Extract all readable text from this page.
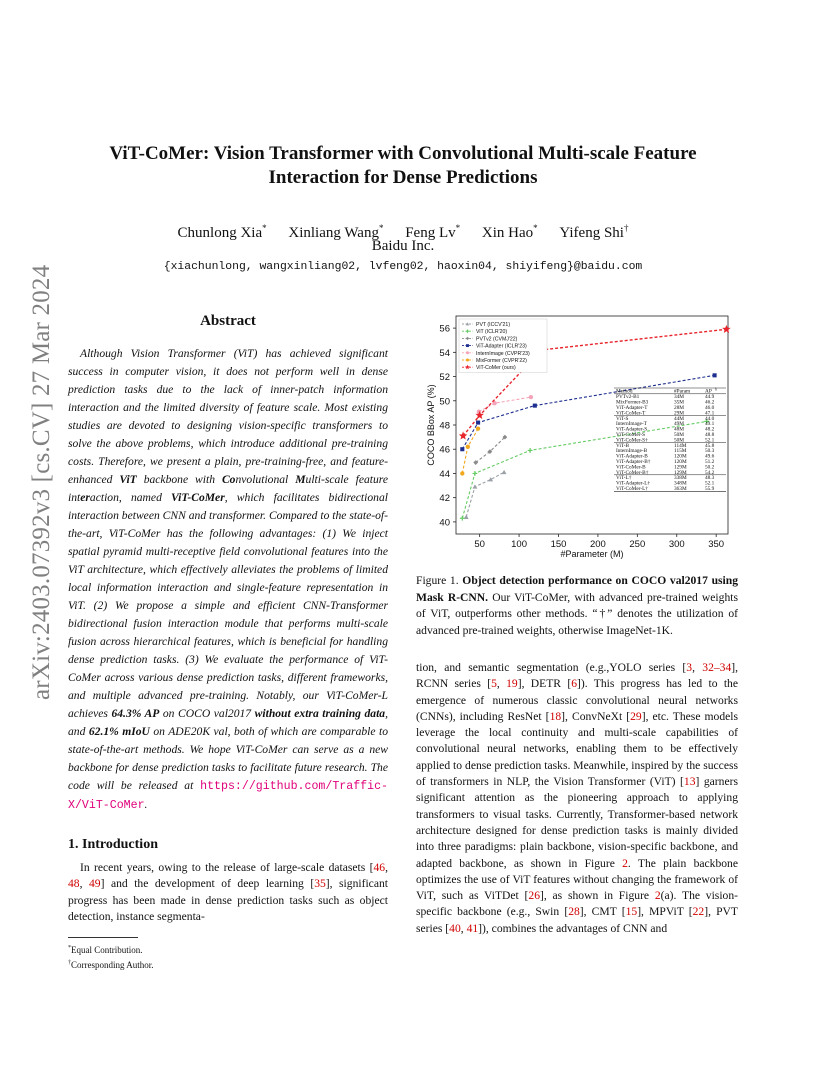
arXiv:2403.07392v3 [cs.CV] 27 Mar 2024
ViT-CoMer: Vision Transformer with Convolutional Multi-scale Feature
Interaction for Dense Predictions
Chunlong Xia* Xinliang Wang* Feng Lv* Xin Hao* Yifeng Shi†
Baidu Inc.
{xiachunlong, wangxinliang02, lvfeng02, haoxin04, shiyifeng}@baidu.com
Abstract

Although Vision Transformer (ViT) has achieved significant success in computer vision, it does not perform well in dense prediction tasks due to the lack of inner-patch information interaction and the limited diversity of feature scale. Most existing studies are devoted to designing vision-specific transformers to solve the above problems, which introduce additional pre-training costs. Therefore, we present a plain, pre-training-free, and feature-enhanced ViT backbone with Convolutional Multi-scale feature interaction, named ViT-CoMer, which facilitates bidirectional interaction between CNN and transformer. Compared to the state-of-the-art, ViT-CoMer has the following advantages: (1) We inject spatial pyramid multi-receptive field convolutional features into the ViT architecture, which effectively alleviates the problems of limited local information interaction and single-feature representation in ViT. (2) We propose a simple and efficient CNN-Transformer bidirectional fusion interaction module that performs multi-scale fusion across hierarchical features, which is beneficial for handling dense prediction tasks. (3) We evaluate the performance of ViT-CoMer across various dense prediction tasks, different frameworks, and multiple advanced pre-training. Notably, our ViT-CoMer-L achieves 64.3% AP on COCO val2017 without extra training data, and 62.1% mIoU on ADE20K val, both of which are comparable to state-of-the-art methods. We hope ViT-CoMer can serve as a new backbone for dense prediction tasks to facilitate future research. The code will be released at https://github.com/Traffic-X/ViT-CoMer.

1. Introduction

In recent years, owing to the release of large-scale datasets [46, 48, 49] and the development of deep learning [35], significant progress has been made in dense prediction tasks such as object detection, instance segmenta-

*Equal Contribution.
†Corresponding Author.
50	100 150 200 250 300 350
40
42
44
46
48
50
52
54
56
#Parameter (M)
COCO BBox AP (%)
PVT (ICCV'21)
ViT (ICLR'20)
PVTv2 (CVMJ'22)
ViT-Adapter (ICLR'23)
InternImage (CVPR'23)
MixFormer (CVPR'22)
ViT-CoMer (ours)
Method	#Param	AP b
PVTv2-B1	34M	44.9
MixFormer-B3	35M	46.2
ViT-Adapter-T	28M	46.0
ViT-CoMer-T	29M	47.1
ViT-S	44M	44.0
InternImage-T	49M	49.1
ViT-Adapter-S	48M	48.2
ViT-CoMer-S	50M	48.8
ViT-CoMer-S†	50M	52.1
ViT-B	114M	45.8
InternImage-B	115M	50.3
ViT-Adapter-B	120M	49.6
ViT-Adapter-B†	120M	51.2
ViT-CoMer-B	129M	50.2
ViT-CoMer-B†	129M	54.2
ViT-L†	338M	48.3
ViT-Adapter-L†	348M	52.1
ViT-CoMer-L†	363M	55.9
Figure 1. Object detection performance on COCO val2017 using Mask R-CNN. Our ViT-CoMer, with advanced pre-trained weights of ViT, outperforms other methods. “†” denotes the utilization of advanced pre-trained weights, otherwise ImageNet-1K.

tion, and semantic segmentation (e.g.,YOLO series [3, 32–34], RCNN series [5, 19], DETR [6]). This progress has led to the emergence of numerous classic convolutional neural networks (CNNs), including ResNet [18], ConvNeXt [29], etc. These models leverage the local continuity and multi-scale capabilities of convolutional neural networks, enabling them to be effectively applied to dense prediction tasks. Meanwhile, inspired by the success of transformers in NLP, the Vision Transformer (ViT) [13] garners significant attention as the pioneering approach to applying transformers to visual tasks. Currently, Transformer-based network architecture designed for dense prediction tasks is mainly divided into three paradigms: plain backbone, vision-specific backbone, and adapted backbone, as shown in Figure 2. The plain backbone optimizes the use of ViT features without changing the framework of ViT, such as ViTDet [26], as shown in Figure 2(a). The vision-specific backbone (e.g., Swin [28], CMT [15], MPViT [22], PVT series [40, 41]), combines the advantages of CNN and
